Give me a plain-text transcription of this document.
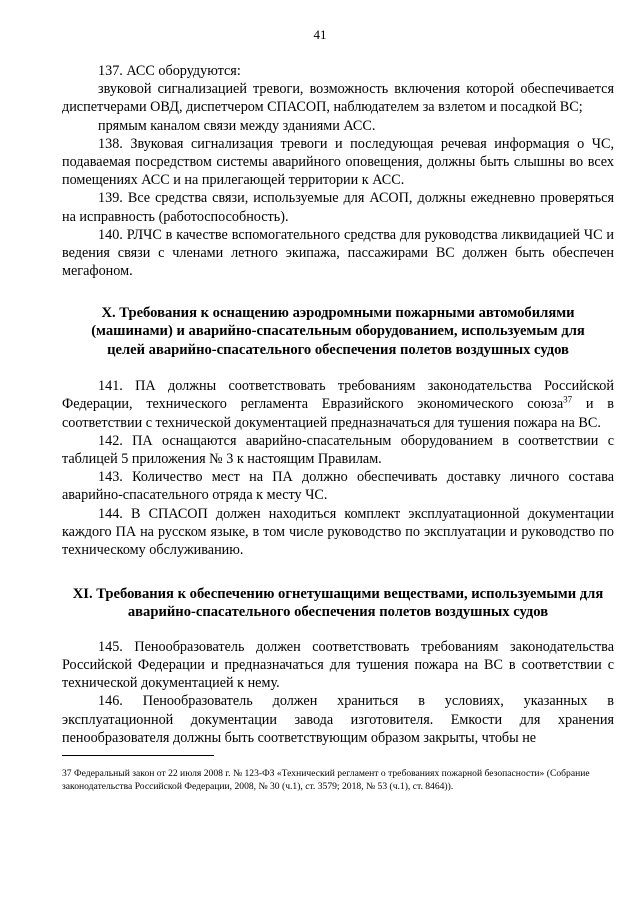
41

137. АСС оборудуются:

звуковой сигнализацией тревоги, возможность включения которой обеспечивается диспетчерами ОВД, диспетчером СПАСОП, наблюдателем за взлетом и посадкой ВС;

прямым каналом связи между зданиями АСС.

138. Звуковая сигнализация тревоги и последующая речевая информация о ЧС, подаваемая посредством системы аварийного оповещения, должны быть слышны во всех помещениях АСС и на прилегающей территории к АСС.

139. Все средства связи, используемые для АСОП, должны ежедневно проверяться на исправность (работоспособность).

140. РЛЧС в качестве вспомогательного средства для руководства ликвидацией ЧС и ведения связи с членами летного экипажа, пассажирами ВС должен быть обеспечен мегафоном.

X. Требования к оснащению аэродромными пожарными автомобилями (машинами) и аварийно-спасательным оборудованием, используемым для целей аварийно-спасательного обеспечения полетов воздушных судов

141. ПА должны соответствовать требованиям законодательства Российской Федерации, технического регламента Евразийского экономического союза$^{37}$ и в соответствии с технической документацией предназначаться для тушения пожара на ВС.

142. ПА оснащаются аварийно-спасательным оборудованием в соответствии с таблицей 5 приложения № 3 к настоящим Правилам.

143. Количество мест на ПА должно обеспечивать доставку личного состава аварийно-спасательного отряда к месту ЧС.

144. В СПАСОП должен находиться комплект эксплуатационной документации каждого ПА на русском языке, в том числе руководство по эксплуатации и руководство по техническому обслуживанию.

XI. Требования к обеспечению огнетушащими веществами, используемыми для аварийно-спасательного обеспечения полетов воздушных судов

145. Пенообразователь должен соответствовать требованиям законодательства Российской Федерации и предназначаться для тушения пожара на ВС в соответствии с технической документацией к нему.

146. Пенообразователь должен храниться в условиях, указанных в эксплуатационной документации завода изготовителя. Емкости для хранения пенообразователя должны быть соответствующим образом закрыты, чтобы не

37 Федеральный закон от 22 июля 2008 г. № 123-ФЗ «Технический регламент о требованиях пожарной безопасности» (Собрание законодательства Российской Федерации, 2008, № 30 (ч.1), ст. 3579; 2018, № 53 (ч.1), ст. 8464)).
